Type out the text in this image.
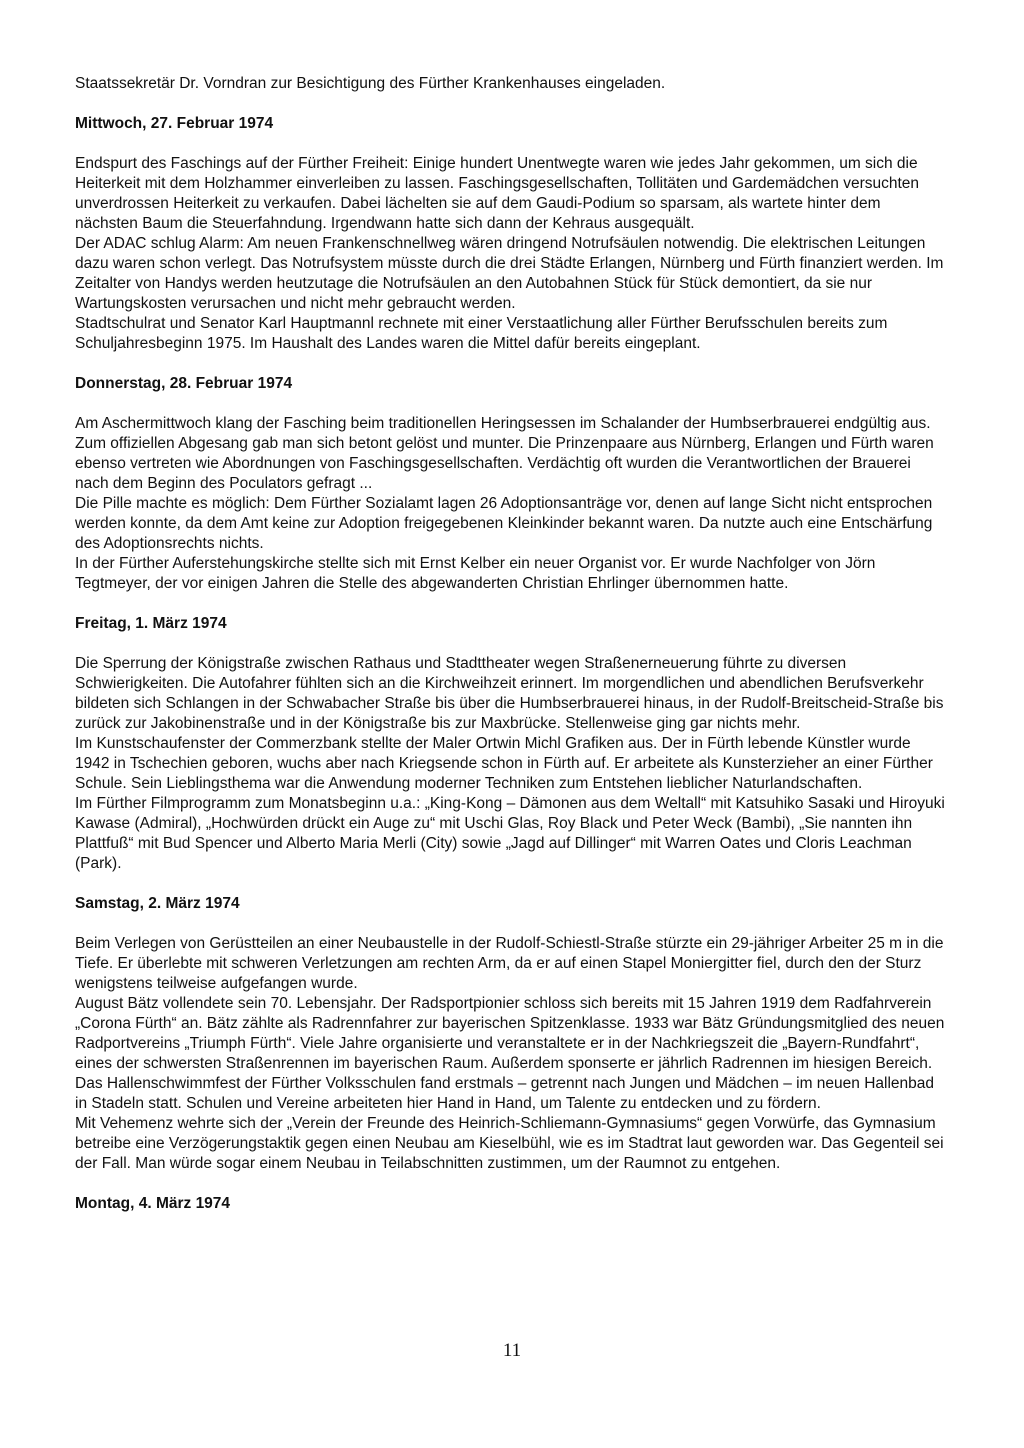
Staatssekretär Dr. Vorndran zur Besichtigung des Fürther Krankenhauses eingeladen.

Mittwoch, 27. Februar 1974

Endspurt des Faschings auf der Fürther Freiheit: Einige hundert Unentwegte waren wie jedes Jahr gekommen, um sich die Heiterkeit mit dem Holzhammer einverleiben zu lassen. Faschingsgesellschaften, Tollitäten und Gardemädchen versuchten unverdrossen Heiterkeit zu verkaufen. Dabei lächelten sie auf dem Gaudi-Podium so sparsam, als wartete hinter dem nächsten Baum die Steuerfahndung. Irgendwann hatte sich dann der Kehraus ausgequält.

Der ADAC schlug Alarm: Am neuen Frankenschnellweg wären dringend Notrufsäulen notwendig. Die elektrischen Leitungen dazu waren schon verlegt. Das Notrufsystem müsste durch die drei Städte Erlangen, Nürnberg und Fürth finanziert werden. Im Zeitalter von Handys werden heutzutage die Notrufsäulen an den Autobahnen Stück für Stück demontiert, da sie nur Wartungskosten verursachen und nicht mehr gebraucht werden.

Stadtschulrat und Senator Karl Hauptmannl rechnete mit einer Verstaatlichung aller Fürther Berufsschulen bereits zum Schuljahresbeginn 1975. Im Haushalt des Landes waren die Mittel dafür bereits eingeplant.

Donnerstag, 28. Februar 1974

Am Aschermittwoch klang der Fasching beim traditionellen Heringsessen im Schalander der Humbserbrauerei endgültig aus. Zum offiziellen Abgesang gab man sich betont gelöst und munter. Die Prinzenpaare aus Nürnberg, Erlangen und Fürth waren ebenso vertreten wie Abordnungen von Faschingsgesellschaften. Verdächtig oft wurden die Verantwortlichen der Brauerei nach dem Beginn des Poculators gefragt ...

Die Pille machte es möglich: Dem Fürther Sozialamt lagen 26 Adoptionsanträge vor, denen auf lange Sicht nicht entsprochen werden konnte, da dem Amt keine zur Adoption freigegebenen Kleinkinder bekannt waren. Da nutzte auch eine Entschärfung des Adoptionsrechts nichts.

In der Fürther Auferstehungskirche stellte sich mit Ernst Kelber ein neuer Organist vor. Er wurde Nachfolger von Jörn Tegtmeyer, der vor einigen Jahren die Stelle des abgewanderten Christian Ehrlinger übernommen hatte.

Freitag, 1. März 1974

Die Sperrung der Königstraße zwischen Rathaus und Stadttheater wegen Straßenerneuerung führte zu diversen Schwierigkeiten. Die Autofahrer fühlten sich an die Kirchweihzeit erinnert. Im morgendlichen und abendlichen Berufsverkehr bildeten sich Schlangen in der Schwabacher Straße bis über die Humbserbrauerei hinaus, in der Rudolf-Breitscheid-Straße bis zurück zur Jakobinenstraße und in der Königstraße bis zur Maxbrücke. Stellenweise ging gar nichts mehr.

Im Kunstschaufenster der Commerzbank stellte der Maler Ortwin Michl Grafiken aus. Der in Fürth lebende Künstler wurde 1942 in Tschechien geboren, wuchs aber nach Kriegsende schon in Fürth auf. Er arbeitete als Kunsterzieher an einer Fürther Schule. Sein Lieblingsthema war die Anwendung moderner Techniken zum Entstehen lieblicher Naturlandschaften.

Im Fürther Filmprogramm zum Monatsbeginn u.a.: „King-Kong – Dämonen aus dem Weltall“ mit Katsuhiko Sasaki und Hiroyuki Kawase (Admiral), „Hochwürden drückt ein Auge zu“ mit Uschi Glas, Roy Black und Peter Weck (Bambi), „Sie nannten ihn Plattfuß“ mit Bud Spencer und Alberto Maria Merli (City) sowie „Jagd auf Dillinger“ mit Warren Oates und Cloris Leachman (Park).

Samstag, 2. März 1974

Beim Verlegen von Gerüstteilen an einer Neubaustelle in der Rudolf-Schiestl-Straße stürzte ein 29-jähriger Arbeiter 25 m in die Tiefe. Er überlebte mit schweren Verletzungen am rechten Arm, da er auf einen Stapel Moniergitter fiel, durch den der Sturz wenigstens teilweise aufgefangen wurde.

August Bätz vollendete sein 70. Lebensjahr. Der Radsportpionier schloss sich bereits mit 15 Jahren 1919 dem Radfahrverein „Corona Fürth“ an. Bätz zählte als Radrennfahrer zur bayerischen Spitzenklasse. 1933 war Bätz Gründungsmitglied des neuen Radportvereins „Triumph Fürth“. Viele Jahre organisierte und veranstaltete er in der Nachkriegszeit die „Bayern-Rundfahrt“, eines der schwersten Straßenrennen im bayerischen Raum. Außerdem sponserte er jährlich Radrennen im hiesigen Bereich.

Das Hallenschwimmfest der Fürther Volksschulen fand erstmals – getrennt nach Jungen und Mädchen – im neuen Hallenbad in Stadeln statt. Schulen und Vereine arbeiteten hier Hand in Hand, um Talente zu entdecken und zu fördern.

Mit Vehemenz wehrte sich der „Verein der Freunde des Heinrich-Schliemann-Gymnasiums“ gegen Vorwürfe, das Gymnasium betreibe eine Verzögerungstaktik gegen einen Neubau am Kieselbühl, wie es im Stadtrat laut geworden war. Das Gegenteil sei der Fall. Man würde sogar einem Neubau in Teilabschnitten zustimmen, um der Raumnot zu entgehen.

Montag, 4. März 1974

11
